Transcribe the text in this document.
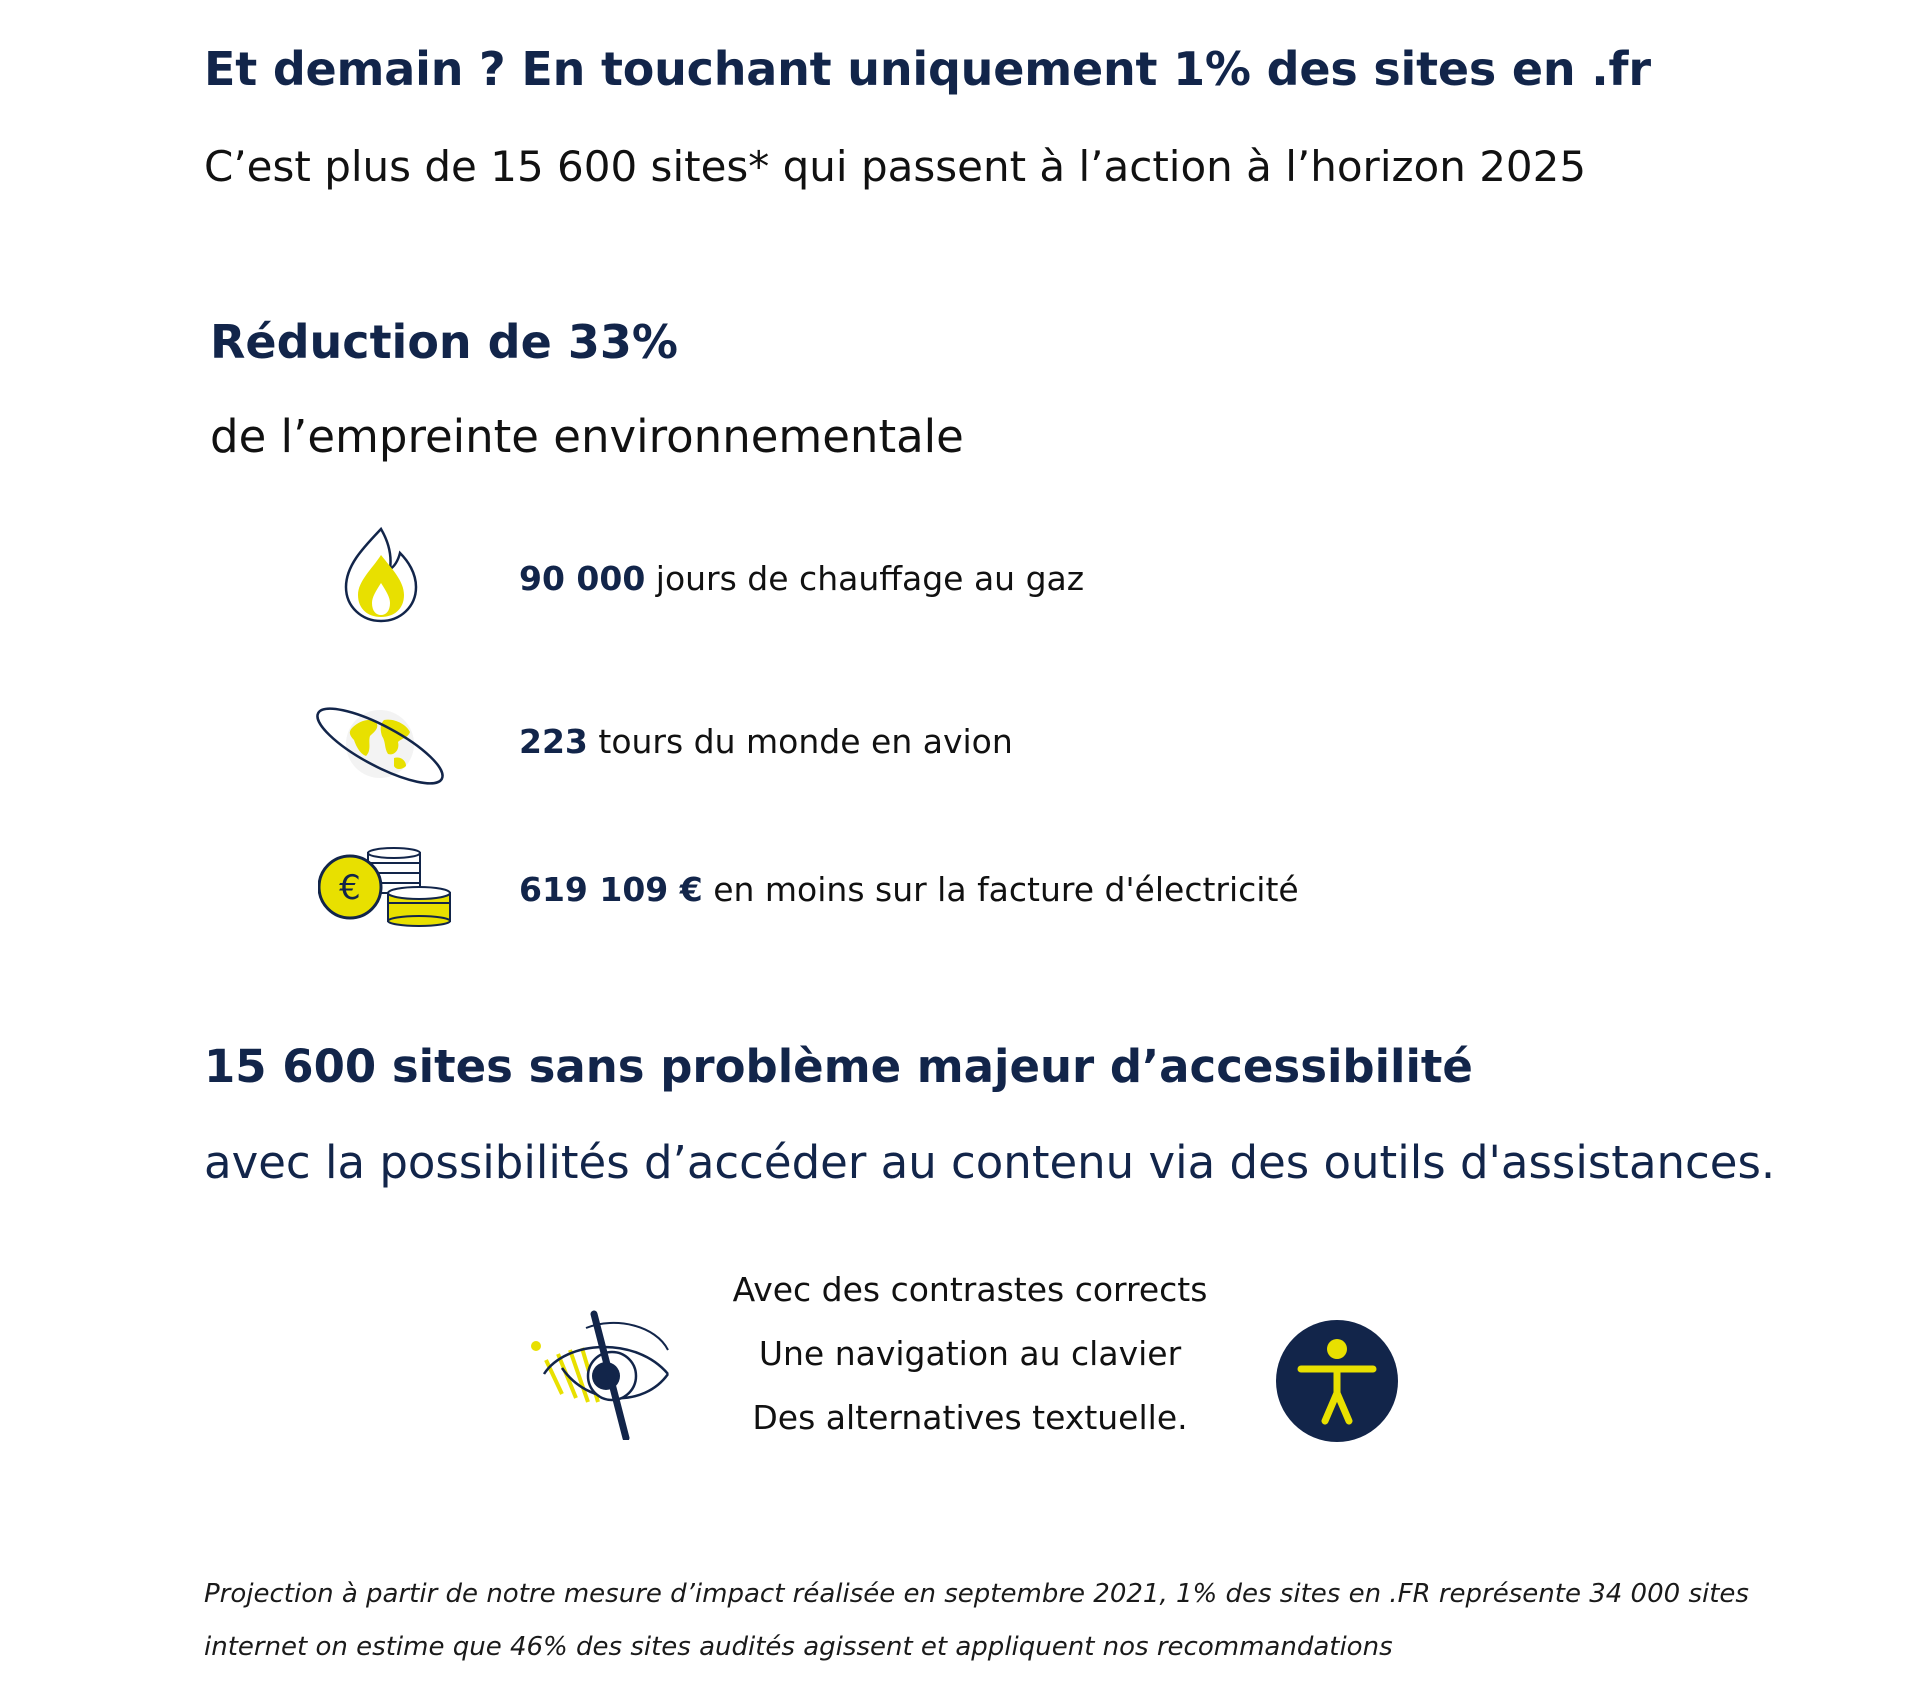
Et demain ? En touchant uniquement 1% des sites en .fr
C’est plus de 15 600 sites* qui passent à l’action à l’horizon 2025
Réduction de 33%
de l’empreinte environnementale
90 000 jours de chauffage au gaz
223 tours du monde en avion
€	619 109 € en moins sur la facture d'électricité
15 600 sites sans problème majeur d’accessibilité
avec la possibilités d’accéder au contenu via des outils d'assistances.
Avec des contrastes corrects
Une navigation au clavier
Des alternatives textuelle.
Projection à partir de notre mesure d’impact réalisée en septembre 2021, 1% des sites en .FR représente 34 000 sites
internet on estime que 46% des sites audités agissent et appliquent nos recommandations
